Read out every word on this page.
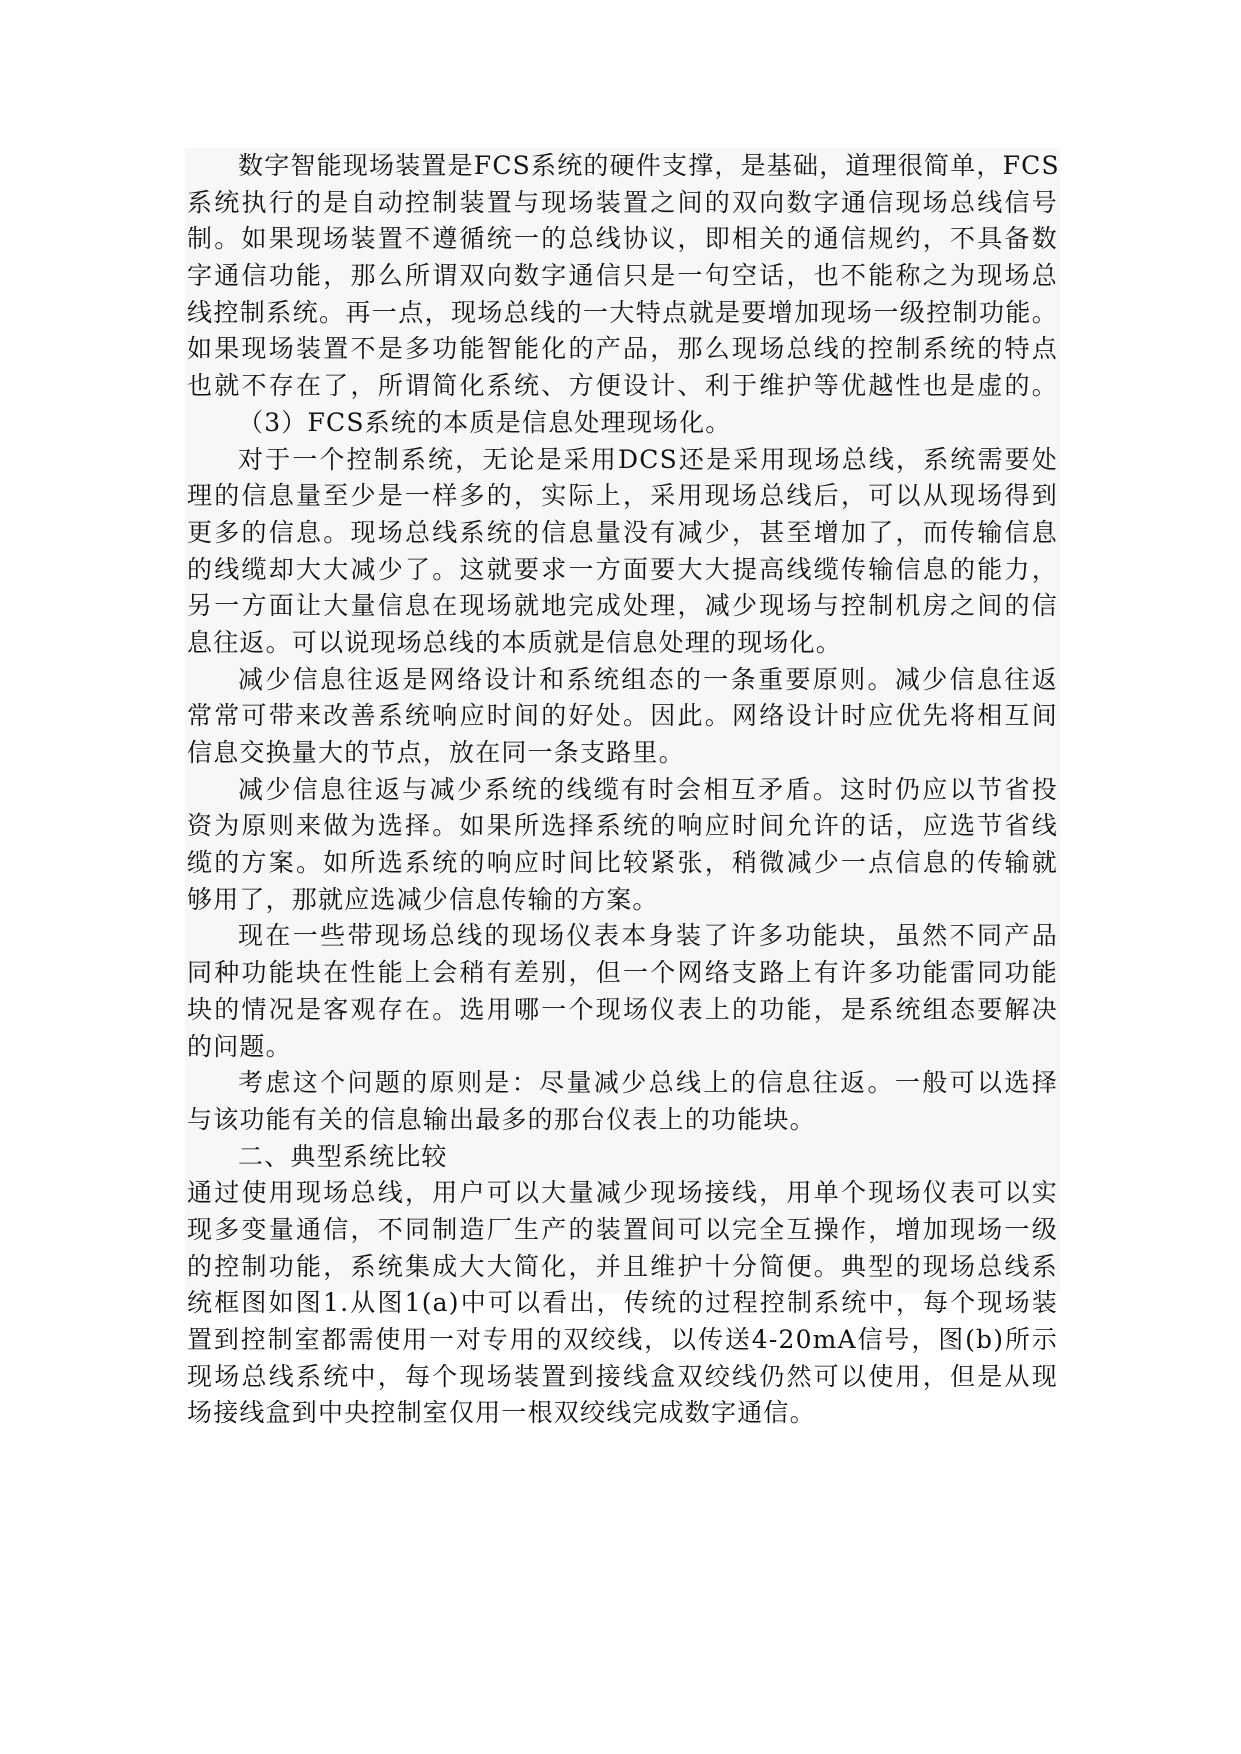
数字智能现场装置是FCS系统的硬件支撑，是基础，道理很简单，FCS
系统执行的是自动控制装置与现场装置之间的双向数字通信现场总线信号
制。如果现场装置不遵循统一的总线协议，即相关的通信规约，不具备数
字通信功能，那么所谓双向数字通信只是一句空话，也不能称之为现场总
线控制系统。再一点，现场总线的一大特点就是要增加现场一级控制功能。
如果现场装置不是多功能智能化的产品，那么现场总线的控制系统的特点
也就不存在了，所谓简化系统、方便设计、利于维护等优越性也是虚的。
（3）FCS系统的本质是信息处理现场化。
对于一个控制系统，无论是采用DCS还是采用现场总线，系统需要处
理的信息量至少是一样多的，实际上，采用现场总线后，可以从现场得到
更多的信息。现场总线系统的信息量没有减少，甚至增加了，而传输信息
的线缆却大大减少了。这就要求一方面要大大提高线缆传输信息的能力，
另一方面让大量信息在现场就地完成处理，减少现场与控制机房之间的信
息往返。可以说现场总线的本质就是信息处理的现场化。
减少信息往返是网络设计和系统组态的一条重要原则。减少信息往返
常常可带来改善系统响应时间的好处。因此。网络设计时应优先将相互间
信息交换量大的节点，放在同一条支路里。
减少信息往返与减少系统的线缆有时会相互矛盾。这时仍应以节省投
资为原则来做为选择。如果所选择系统的响应时间允许的话，应选节省线
缆的方案。如所选系统的响应时间比较紧张，稍微减少一点信息的传输就
够用了，那就应选减少信息传输的方案。
现在一些带现场总线的现场仪表本身装了许多功能块，虽然不同产品
同种功能块在性能上会稍有差别，但一个网络支路上有许多功能雷同功能
块的情况是客观存在。选用哪一个现场仪表上的功能，是系统组态要解决
的问题。
考虑这个问题的原则是：尽量减少总线上的信息往返。一般可以选择
与该功能有关的信息输出最多的那台仪表上的功能块。
二、典型系统比较
通过使用现场总线，用户可以大量减少现场接线，用单个现场仪表可以实
现多变量通信，不同制造厂生产的装置间可以完全互操作，增加现场一级
的控制功能，系统集成大大简化，并且维护十分简便。典型的现场总线系
统框图如图1.从图1(a)中可以看出，传统的过程控制系统中，每个现场装
置到控制室都需使用一对专用的双绞线，以传送4-20mA信号，图(b)所示
现场总线系统中，每个现场装置到接线盒双绞线仍然可以使用，但是从现
场接线盒到中央控制室仅用一根双绞线完成数字通信。
